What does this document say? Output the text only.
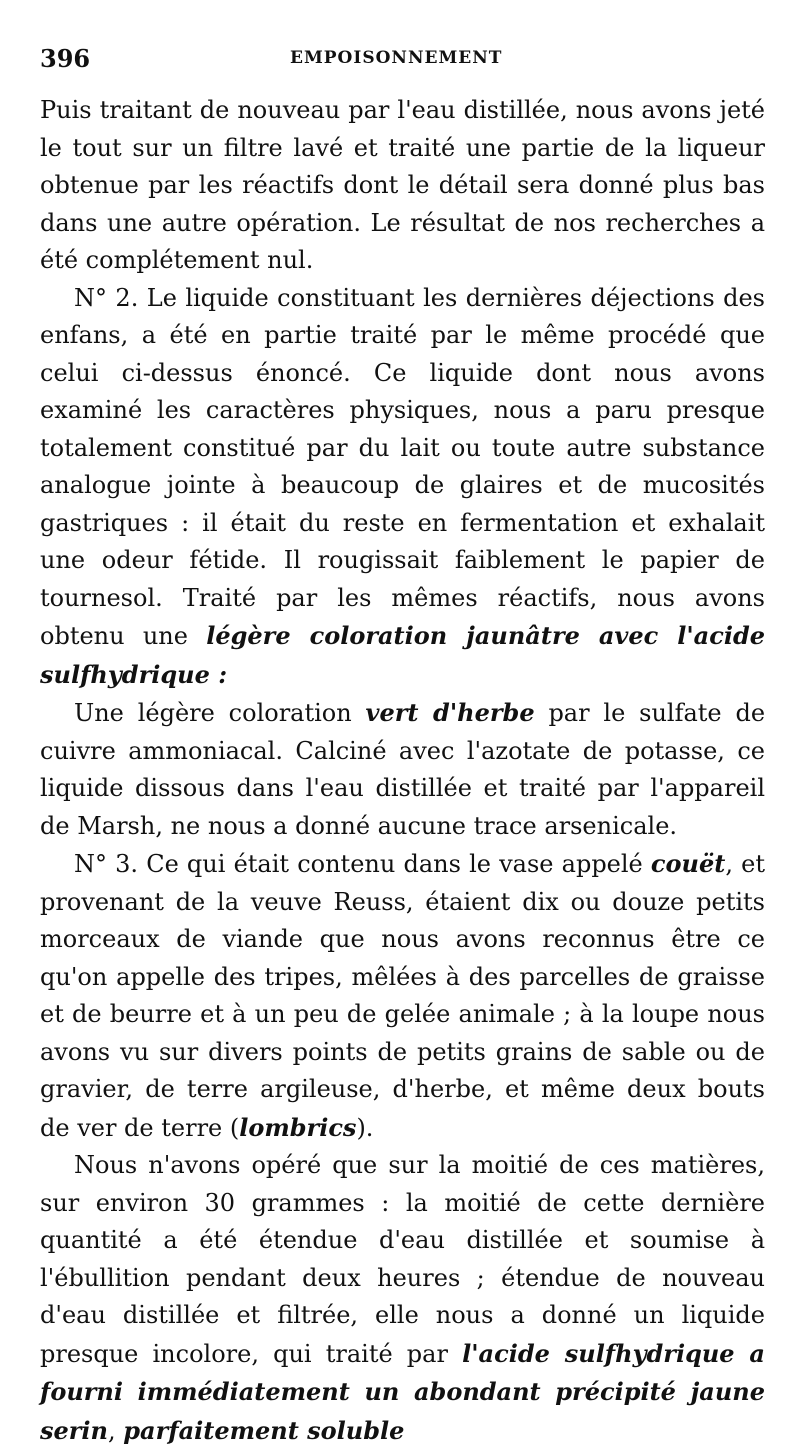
396	EMPOISONNEMENT

Puis traitant de nouveau par l'eau distillée, nous avons jeté le tout sur un filtre lavé et traité une partie de la liqueur obtenue par les réactifs dont le détail sera donné plus bas dans une autre opération. Le résultat de nos recherches a été complétement nul.

N° 2. Le liquide constituant les dernières déjections des enfans, a été en partie traité par le même procédé que celui ci-dessus énoncé. Ce liquide dont nous avons examiné les caractères physiques, nous a paru presque totalement constitué par du lait ou toute autre substance analogue jointe à beaucoup de glaires et de mucosités gastriques : il était du reste en fermentation et exhalait une odeur fétide. Il rougissait faiblement le papier de tournesol. Traité par les mêmes réactifs, nous avons obtenu une légère coloration jaunâtre avec l'acide sulfhydrique :

Une légère coloration vert d'herbe par le sulfate de cuivre ammoniacal. Calciné avec l'azotate de potasse, ce liquide dissous dans l'eau distillée et traité par l'appareil de Marsh, ne nous a donné aucune trace arsenicale.

N° 3. Ce qui était contenu dans le vase appelé couët, et provenant de la veuve Reuss, étaient dix ou douze petits morceaux de viande que nous avons reconnus être ce qu'on appelle des tripes, mêlées à des parcelles de graisse et de beurre et à un peu de gelée animale ; à la loupe nous avons vu sur divers points de petits grains de sable ou de gravier, de terre argileuse, d'herbe, et même deux bouts de ver de terre (lombrics).

Nous n'avons opéré que sur la moitié de ces matières, sur environ 30 grammes : la moitié de cette dernière quantité a été étendue d'eau distillée et soumise à l'ébullition pendant deux heures ; étendue de nouveau d'eau distillée et filtrée, elle nous a donné un liquide presque incolore, qui traité par l'acide sulfhydrique a fourni immédiatement un abondant précipité jaune serin, parfaitement soluble
